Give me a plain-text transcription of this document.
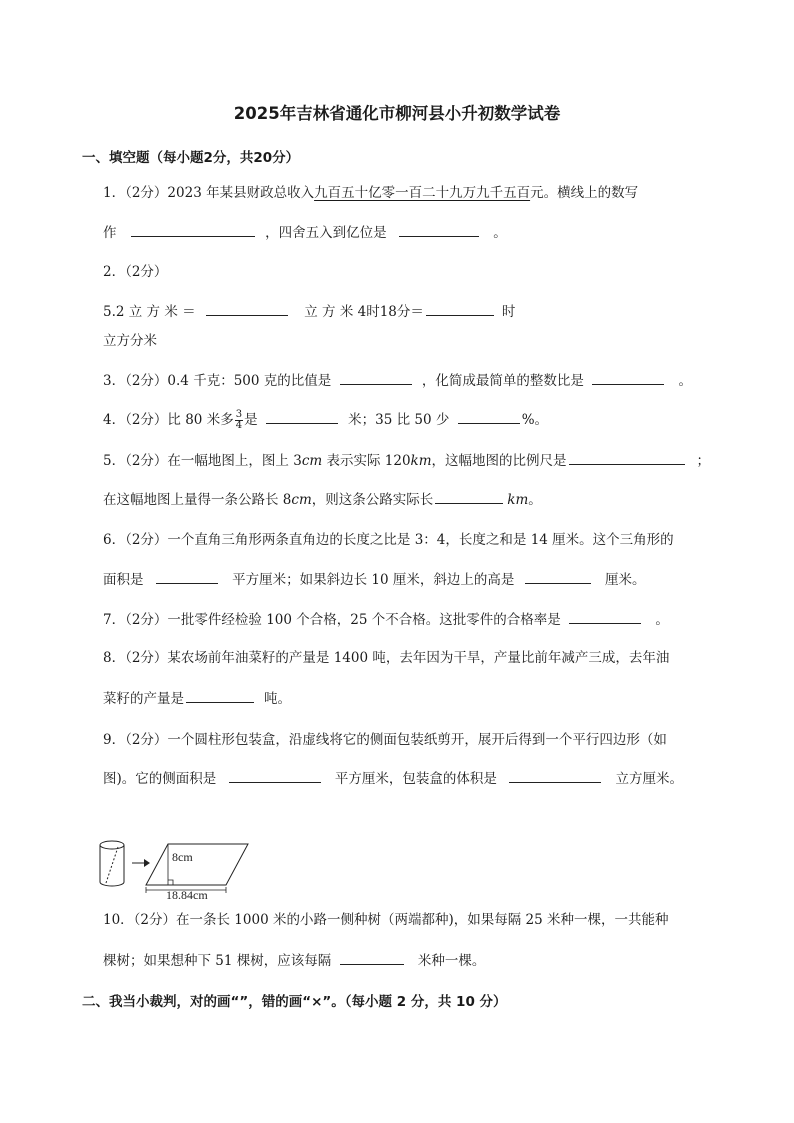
2025年吉林省通化市柳河县小升初数学试卷
一、填空题（每小题2分，共20分）
1．（2分）2023 年某县财政总收入九百五十亿零一百二十九万九千五百元。横线上的数写
作	，四舍五入到亿位是	。
2．（2分）
5.2 立 方 米 ＝	立 方 米 4时18分＝	时
立方分米
3．（2分）0.4 千克：500 克的比值是	，化简成最简单的整数比是	。
4．（2分）比 80 米多 $\frac{3}{4}$ 是	米；35 比 50 少	%。
5．（2分）在一幅地图上，图上 3cm 表示实际 120km，这幅地图的比例尺是	；
在这幅地图上量得一条公路长 8cm，则这条公路实际长	km。
6．（2分）一个直角三角形两条直角边的长度之比是 3：4，长度之和是 14 厘米。这个三角形的
面积是	平方厘米；如果斜边长 10 厘米，斜边上的高是	厘米。
7．（2分）一批零件经检验 100 个合格，25 个不合格。这批零件的合格率是	。
8．（2分）某农场前年油菜籽的产量是 1400 吨，去年因为干旱，产量比前年减产三成，去年油
菜籽的产量是	吨。
9．（2分）一个圆柱形包装盒，沿虚线将它的侧面包装纸剪开，展开后得到一个平行四边形（如
图)。它的侧面积是	平方厘米，包装盒的体积是	立方厘米。
8cm
18.84cm
10．（2分）在一条长 1000 米的小路一侧种树（两端都种)，如果每隔 25 米种一棵，一共能种
棵树；如果想种下 51 棵树，应该每隔	米种一棵。
二、我当小裁判，对的画“”，错的画“×”。（每小题 2 分，共 10 分）
